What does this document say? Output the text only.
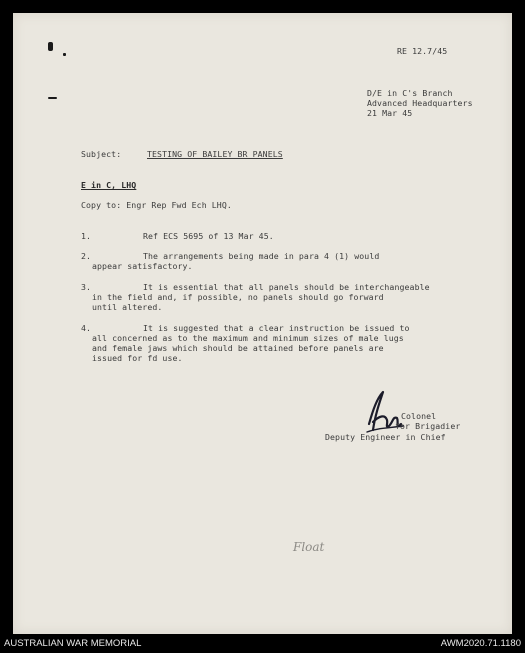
RE 12.7/45
D/E in C's Branch
Advanced Headquarters
21 Mar 45
Subject:	TESTING OF BAILEY BR PANELS
E in C, LHQ
Copy to: Engr Rep Fwd Ech LHQ.
1.	Ref ECS 5695 of 13 Mar 45.
2.	The arrangements being made in para 4 (1) would
appear satisfactory.
3.	It is essential that all panels should be interchangeable
in the field and, if possible, no panels should go forward
until altered.
4.	It is suggested that a clear instruction be issued to
all concerned as to the maximum and minimum sizes of male lugs
and female jaws which should be attained before panels are
issued for fd use.
Colonel
for Brigadier
Deputy Engineer in Chief
Float
AUSTRALIAN WAR MEMORIAL	AWM2020.71.1180
